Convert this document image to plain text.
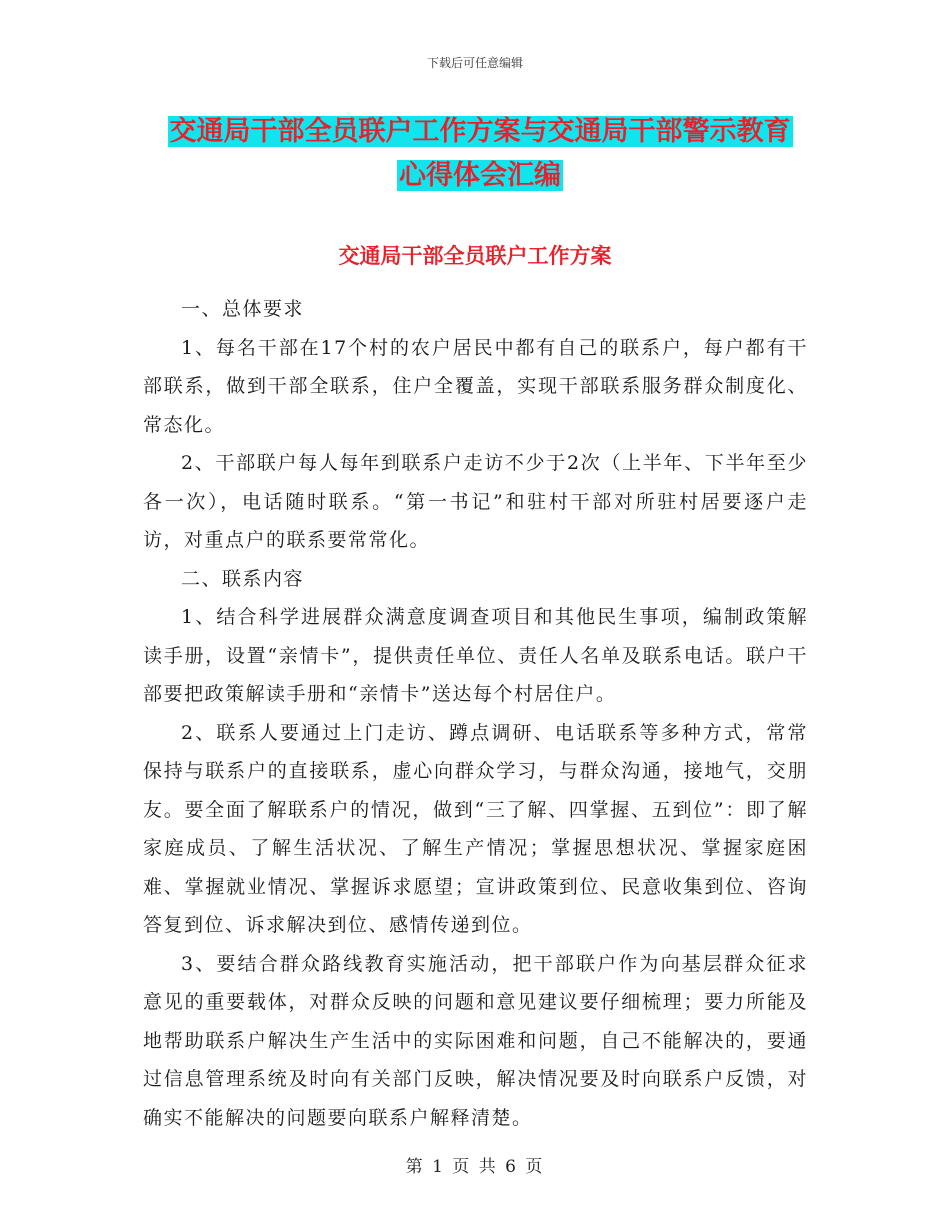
下载后可任意编辑
交通局干部全员联户工作方案与交通局干部警示教育
心得体会汇编
交通局干部全员联户工作方案

一、总体要求

1、每名干部在17个村的农户居民中都有自己的联系户，每户都有干部联系，做到干部全联系，住户全覆盖，实现干部联系服务群众制度化、常态化。

2、干部联户每人每年到联系户走访不少于2次（上半年、下半年至少各一次），电话随时联系。“第一书记”和驻村干部对所驻村居要逐户走访，对重点户的联系要常常化。

二、联系内容

1、结合科学进展群众满意度调查项目和其他民生事项，编制政策解读手册，设置“亲情卡”，提供责任单位、责任人名单及联系电话。联户干部要把政策解读手册和“亲情卡”送达每个村居住户。

2、联系人要通过上门走访、蹲点调研、电话联系等多种方式，常常保持与联系户的直接联系，虚心向群众学习，与群众沟通，接地气，交朋友。要全面了解联系户的情况，做到“三了解、四掌握、五到位”：即了解家庭成员、了解生活状况、了解生产情况；掌握思想状况、掌握家庭困难、掌握就业情况、掌握诉求愿望；宣讲政策到位、民意收集到位、咨询答复到位、诉求解决到位、感情传递到位。

3、要结合群众路线教育实施活动，把干部联户作为向基层群众征求意见的重要载体，对群众反映的问题和意见建议要仔细梳理；要力所能及地帮助联系户解决生产生活中的实际困难和问题，自己不能解决的，要通过信息管理系统及时向有关部门反映，解决情况要及时向联系户反馈，对确实不能解决的问题要向联系户解释清楚。

第 1 页 共 6 页
